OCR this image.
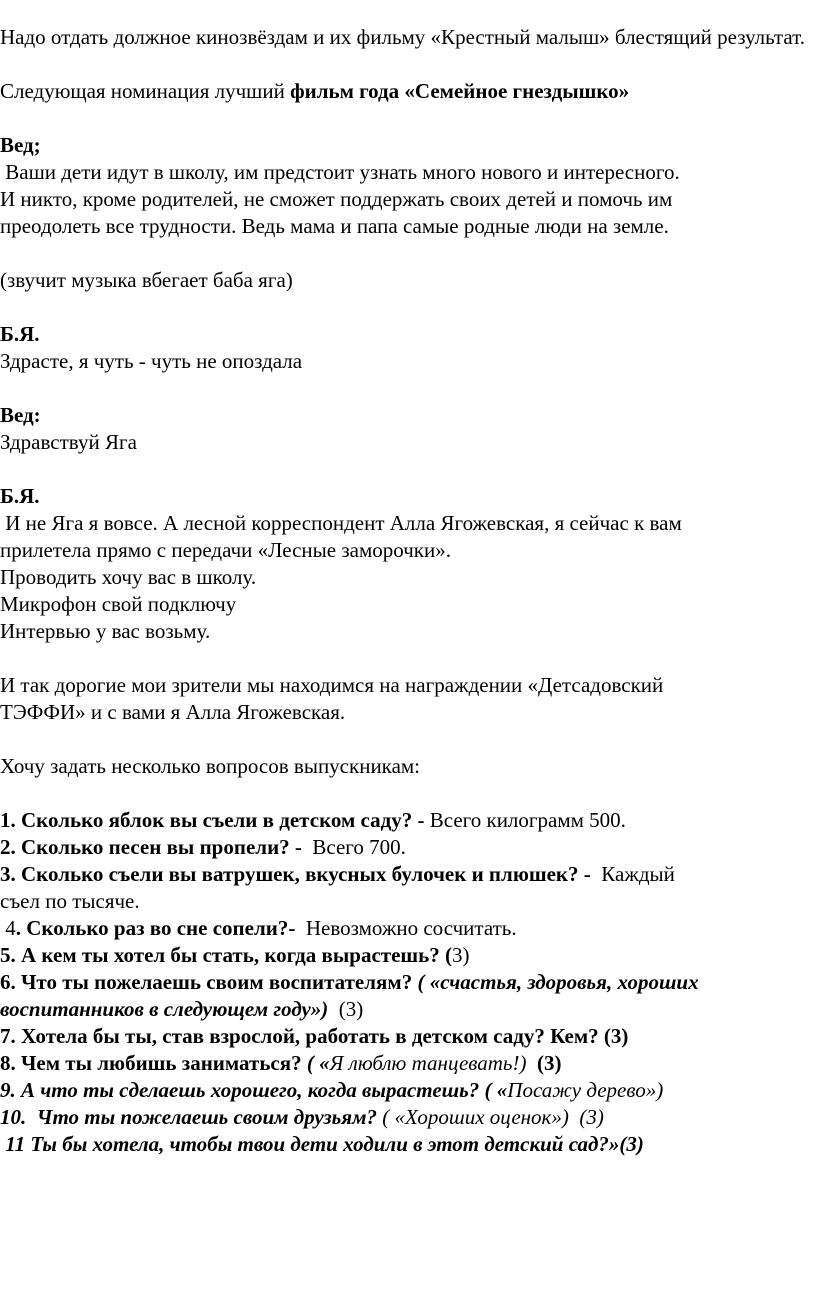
Надо отдать должное кинозвёздам и их фильму «Крестный малыш» блестящий результат.

Следующая номинация лучший фильм года «Семейное гнездышко»

Вед;

Ваши дети идут в школу, им предстоит узнать много нового и интересного.

И никто, кроме родителей, не сможет поддержать своих детей и помочь им

преодолеть все трудности. Ведь мама и папа самые родные люди на земле.

(звучит музыка вбегает баба яга)

Б.Я.

Здрасте, я чуть - чуть не опоздала

Вед:

Здравствуй Яга

Б.Я.

И не Яга я вовсе. А лесной корреспондент Алла Ягожевская, я сейчас к вам

прилетела прямо с передачи «Лесные заморочки».

Проводить хочу вас в школу.

Микрофон свой подключу

Интервью у вас возьму.

И так дорогие мои зрители мы находимся на награждении «Детсадовский

ТЭФФИ» и с вами я Алла Ягожевская.

Хочу задать несколько вопросов выпускникам:

1. Сколько яблок вы съели в детском саду? - Всего килограмм 500.

2. Сколько песен вы пропели? -  Всего 700.

3. Сколько съели вы ватрушек, вкусных булочек и плюшек? -  Каждый

съел по тысяче.

4. Сколько раз во сне сопели?-  Невозможно сосчитать.

5. А кем ты хотел бы стать, когда вырастешь? (3)

6. Что ты пожелаешь своим воспитателям? ( «счастья, здоровья, хороших

воспитанников в следующем году»)  (3)

7. Хотела бы ты, став взрослой, работать в детском саду? Кем? (3)

8. Чем ты любишь заниматься? ( «Я люблю танцевать!)  (3)

9. А что ты сделаешь хорошего, когда вырастешь? ( «Посажу дерево»)

10.  Что ты пожелаешь своим друзьям? ( «Хороших оценок»)  (3)

11 Ты бы хотела, чтобы твои дети ходили в этот детский сад?»(3)
